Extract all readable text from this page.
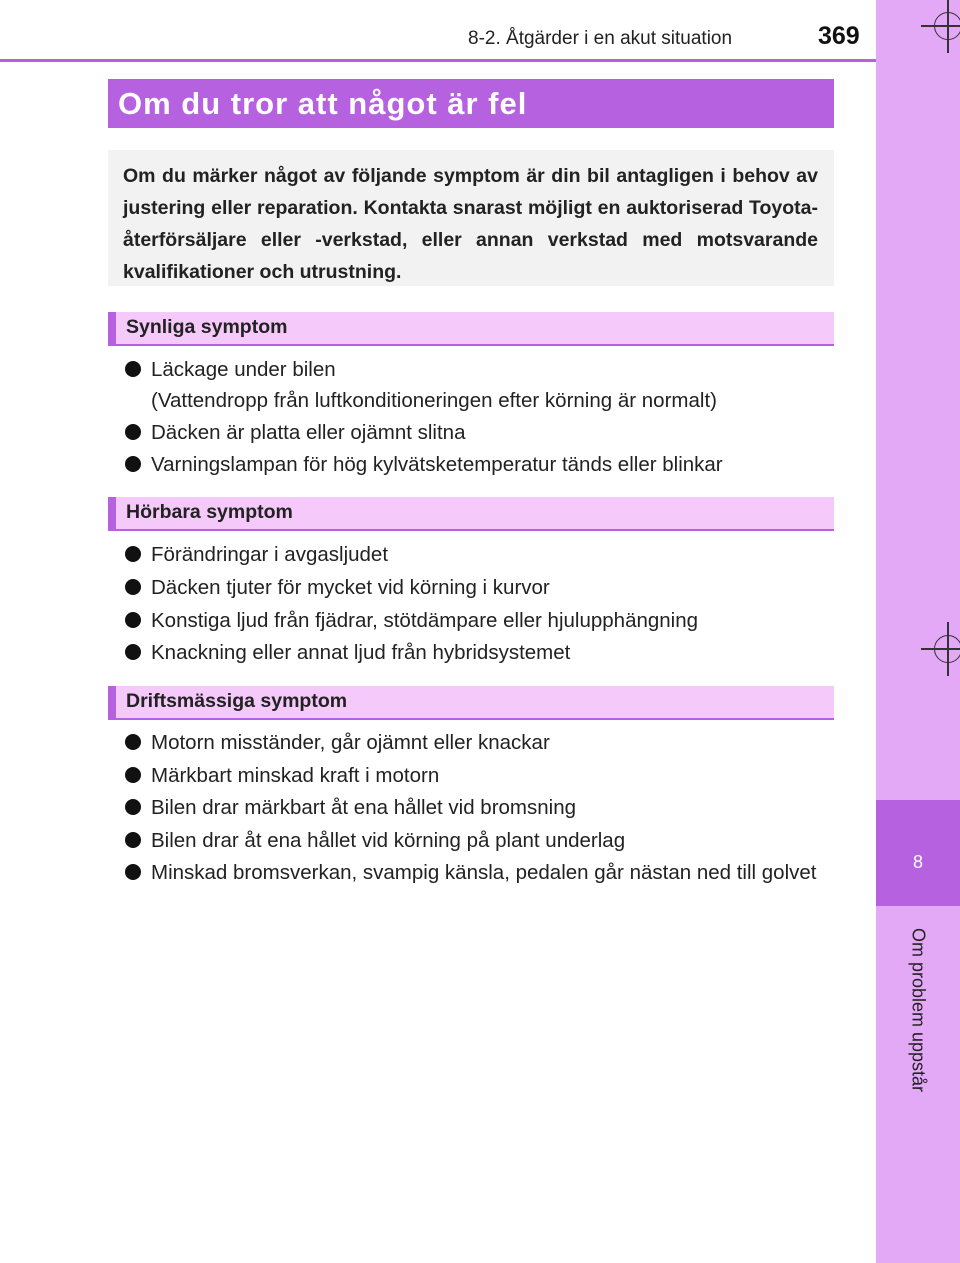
8
Om problem uppstår
8-2. Åtgärder i en akut situation	369
Om du tror att något är fel
Om du märker något av följande symptom är din bil antagligen i behov av justering eller reparation. Kontakta snarast möjligt en auktoriserad Toyota-återförsäljare eller -verkstad, eller annan verkstad med motsvarande kvalifikationer och utrustning.
Synliga symptom
Läckage under bilen
(Vattendropp från luftkonditioneringen efter körning är normalt)
Däcken är platta eller ojämnt slitna
Varningslampan för hög kylvätsketemperatur tänds eller blinkar
Hörbara symptom
Förändringar i avgasljudet
Däcken tjuter för mycket vid körning i kurvor
Konstiga ljud från fjädrar, stötdämpare eller hjulupphängning
Knackning eller annat ljud från hybridsystemet
Driftsmässiga symptom
Motorn misständer, går ojämnt eller knackar
Märkbart minskad kraft i motorn
Bilen drar märkbart åt ena hållet vid bromsning
Bilen drar åt ena hållet vid körning på plant underlag
Minskad bromsverkan, svampig känsla, pedalen går nästan ned till golvet
